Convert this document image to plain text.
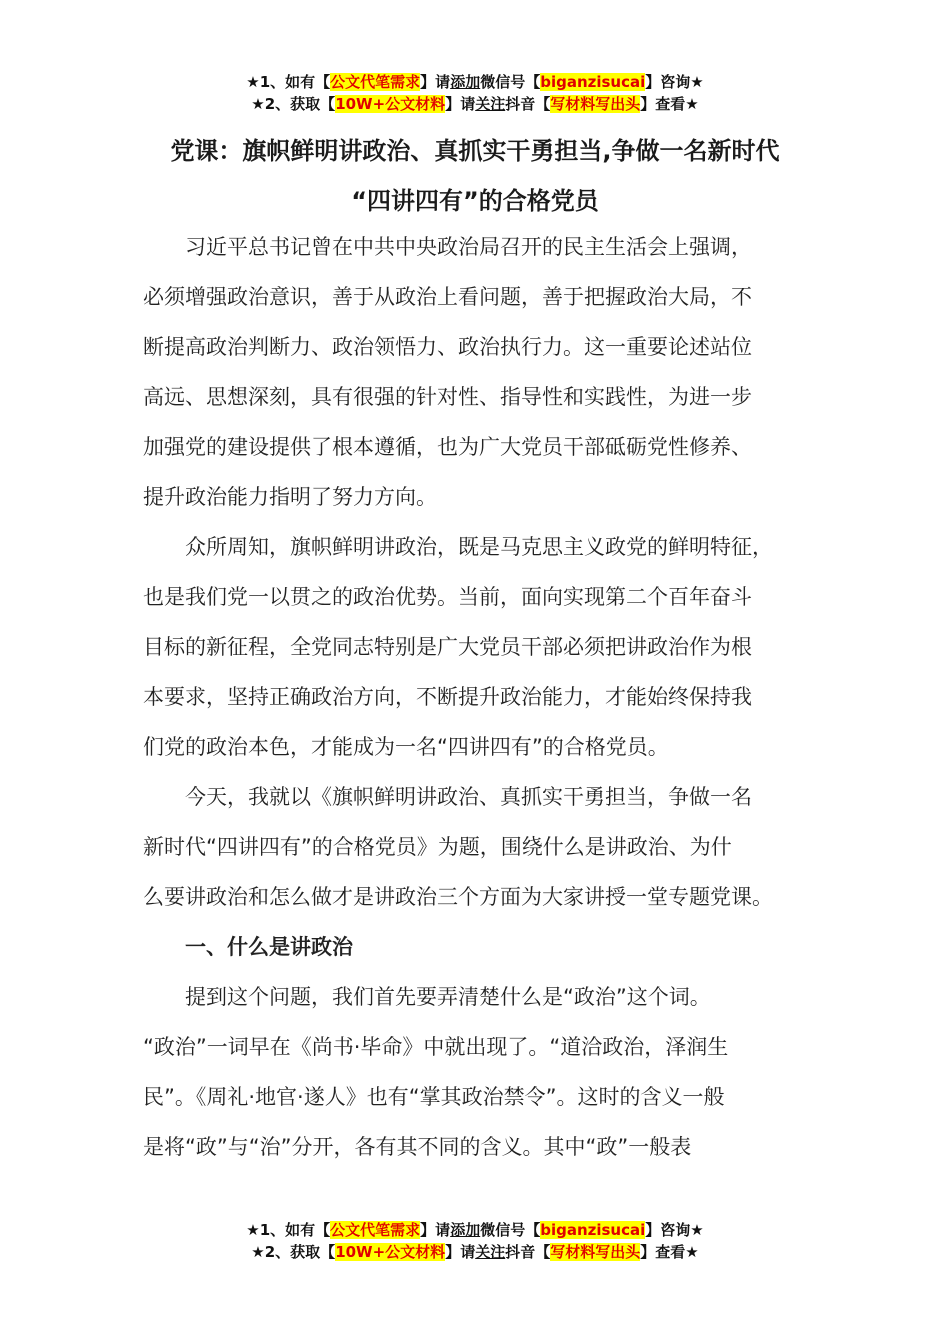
★1、如有【公文代笔需求】请添加微信号【biganzisucai】咨询★
★2、获取【10W+公文材料】请关注抖音【写材料写出头】查看★
党课：旗帜鲜明讲政治、真抓实干勇担当,争做一名新时代
“四讲四有”的合格党员

习近平总书记曾在中共中央政治局召开的民主生活会上强调，
必须增强政治意识，善于从政治上看问题，善于把握政治大局，不
断提高政治判断力、政治领悟力、政治执行力。这一重要论述站位
高远、思想深刻，具有很强的针对性、指导性和实践性，为进一步
加强党的建设提供了根本遵循，也为广大党员干部砥砺党性修养、
提升政治能力指明了努力方向。

众所周知，旗帜鲜明讲政治，既是马克思主义政党的鲜明特征，
也是我们党一以贯之的政治优势。当前，面向实现第二个百年奋斗
目标的新征程，全党同志特别是广大党员干部必须把讲政治作为根
本要求，坚持正确政治方向，不断提升政治能力，才能始终保持我
们党的政治本色，才能成为一名“四讲四有”的合格党员。

今天，我就以《旗帜鲜明讲政治、真抓实干勇担当，争做一名
新时代“四讲四有”的合格党员》为题，围绕什么是讲政治、为什
么要讲政治和怎么做才是讲政治三个方面为大家讲授一堂专题党课。

一、什么是讲政治

提到这个问题，我们首先要弄清楚什么是“政治”这个词。
“政治”一词早在《尚书·毕命》中就出现了。“道洽政治，泽润生
民”。《周礼·地官·遂人》也有“掌其政治禁令”。这时的含义一般
是将“政”与“治”分开，各有其不同的含义。其中“政”一般表

★1、如有【公文代笔需求】请添加微信号【biganzisucai】咨询★
★2、获取【10W+公文材料】请关注抖音【写材料写出头】查看★
